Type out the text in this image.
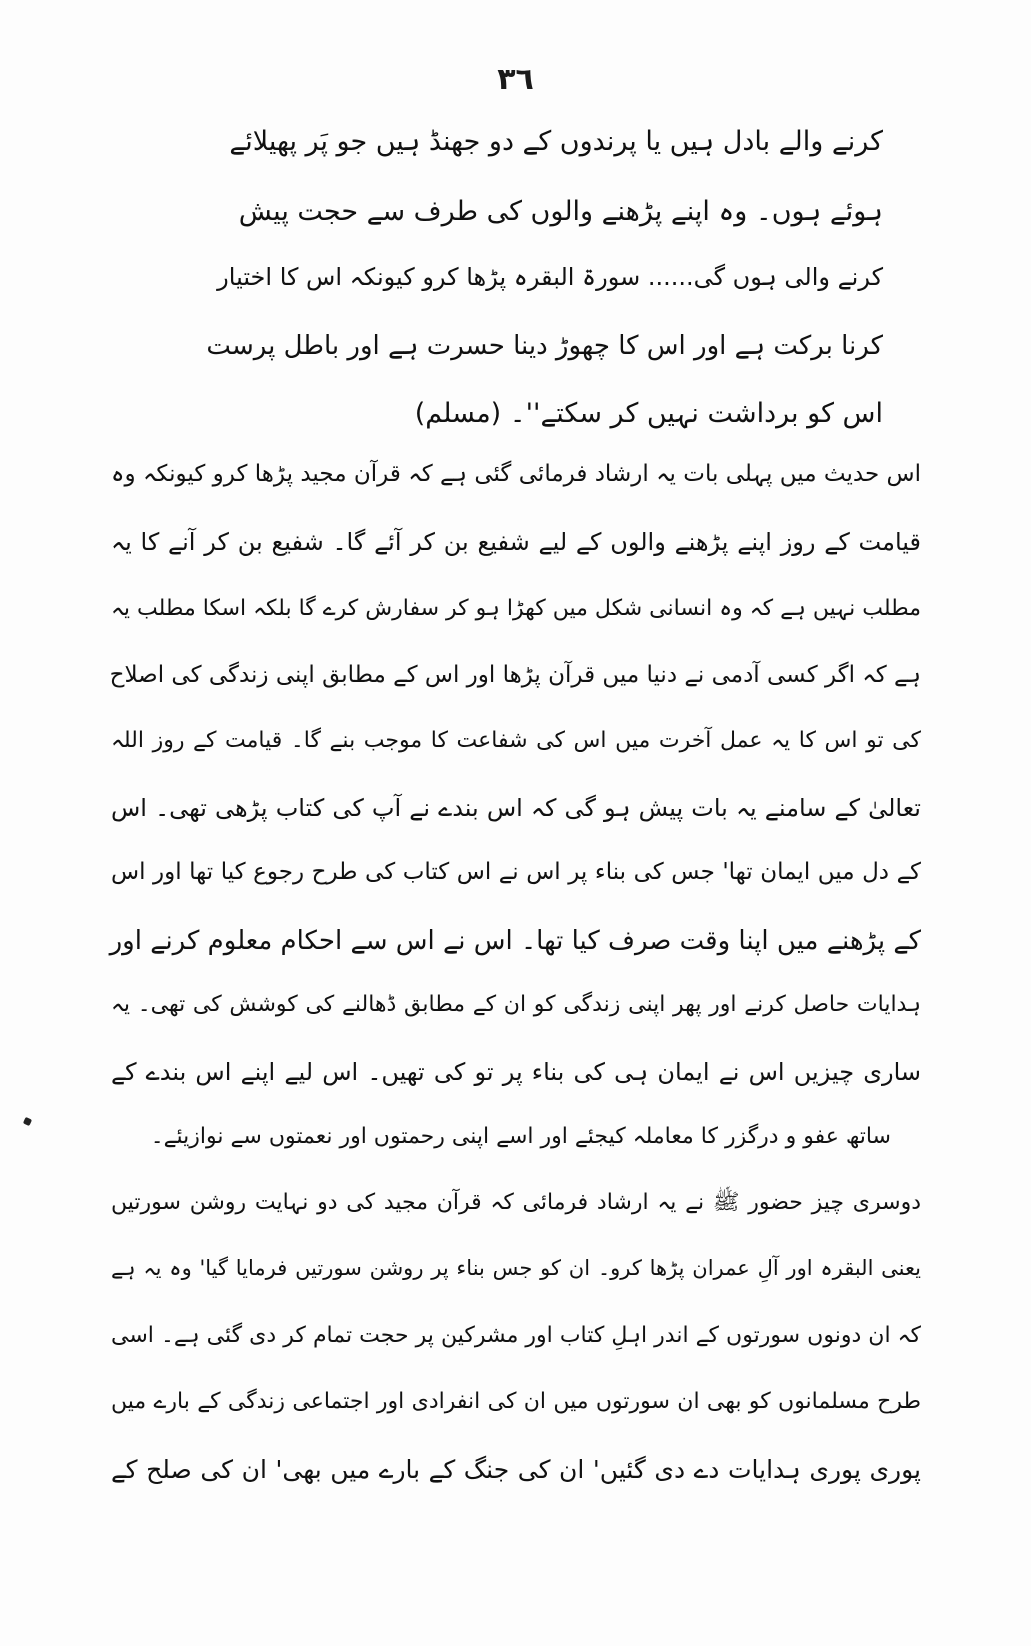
٣٦
کرنے والے بادل ہیں یا پرندوں کے دو جھنڈ ہیں جو پَر پھیلائے
ہوئے ہوں۔ وہ اپنے پڑھنے والوں کی طرف سے حجت پیش
کرنے والی ہوں گی...... سورۃ البقرہ پڑھا کرو کیونکہ اس کا اختیار
کرنا برکت ہے اور اس کا چھوڑ دینا حسرت ہے اور باطل پرست
اس کو برداشت نہیں کر سکتے''۔ (مسلم)
اس حدیث میں پہلی بات یہ ارشاد فرمائی گئی ہے کہ قرآن مجید پڑھا کرو کیونکہ وہ
قیامت کے روز اپنے پڑھنے والوں کے لیے شفیع بن کر آئے گا۔ شفیع بن کر آنے کا یہ
مطلب نہیں ہے کہ وہ انسانی شکل میں کھڑا ہو کر سفارش کرے گا بلکہ اسکا مطلب یہ
ہے کہ اگر کسی آدمی نے دنیا میں قرآن پڑھا اور اس کے مطابق اپنی زندگی کی اصلاح
کی تو اس کا یہ عمل آخرت میں اس کی شفاعت کا موجب بنے گا۔ قیامت کے روز اللہ
تعالیٰ کے سامنے یہ بات پیش ہو گی کہ اس بندے نے آپ کی کتاب پڑھی تھی۔ اس
کے دل میں ایمان تھا' جس کی بناء پر اس نے اس کتاب کی طرح رجوع کیا تھا اور اس
کے پڑھنے میں اپنا وقت صرف کیا تھا۔ اس نے اس سے احکام معلوم کرنے اور
ہدایات حاصل کرنے اور پھر اپنی زندگی کو ان کے مطابق ڈھالنے کی کوشش کی تھی۔ یہ
ساری چیزیں اس نے ایمان ہی کی بناء پر تو کی تھیں۔ اس لیے اپنے اس بندے کے
ساتھ عفو و درگزر کا معاملہ کیجئے اور اسے اپنی رحمتوں اور نعمتوں سے نوازیئے۔
دوسری چیز حضور ﷺ نے یہ ارشاد فرمائی کہ قرآن مجید کی دو نہایت روشن سورتیں
یعنی البقرہ اور آلِ عمران پڑھا کرو۔ ان کو جس بناء پر روشن سورتیں فرمایا گیا' وہ یہ ہے
کہ ان دونوں سورتوں کے اندر اہلِ کتاب اور مشرکین پر حجت تمام کر دی گئی ہے۔ اسی
طرح مسلمانوں کو بھی ان سورتوں میں ان کی انفرادی اور اجتماعی زندگی کے بارے میں
پوری پوری ہدایات دے دی گئیں' ان کی جنگ کے بارے میں بھی' ان کی صلح کے
